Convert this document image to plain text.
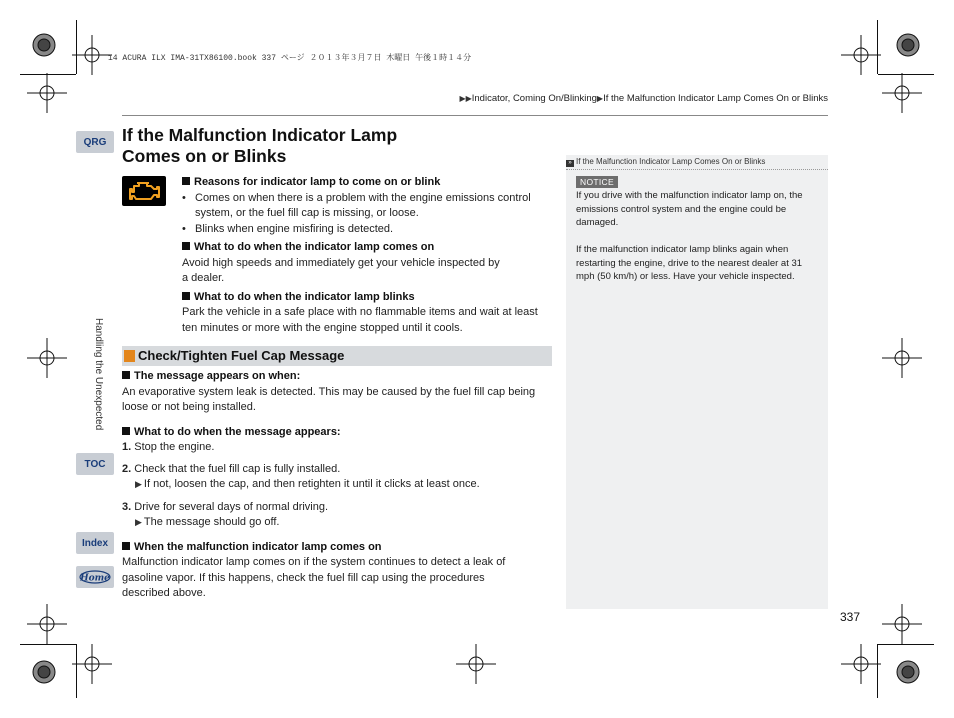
14 ACURA ILX IMA-31TX86100.book 337 ページ ２０１３年３月７日 木曜日 午後１時１４分
▶▶Indicator, Coming On/Blinking▶If the Malfunction Indicator Lamp Comes On or Blinks
If the Malfunction Indicator Lamp
Comes on or Blinks
QRG
Handling the Unexpected
TOC
Index
Home
Reasons for indicator lamp to come on or blink
• Comes on when there is a problem with the engine emissions control system, or the fuel fill cap is missing, or loose.
• Blinks when engine misfiring is detected.
What to do when the indicator lamp comes on
Avoid high speeds and immediately get your vehicle inspected by
a dealer.
What to do when the indicator lamp blinks
Park the vehicle in a safe place with no flammable items and wait at least ten minutes or more with the engine stopped until it cools.
Check/Tighten Fuel Cap Message
The message appears on when:
An evaporative system leak is detected. This may be caused by the fuel fill cap being loose or not being installed.
What to do when the message appears:
1. Stop the engine.
2. Check that the fuel fill cap is fully installed.
▶ If not, loosen the cap, and then retighten it until it clicks at least once.
3. Drive for several days of normal driving.
▶ The message should go off.
When the malfunction indicator lamp comes on
Malfunction indicator lamp comes on if the system continues to detect a leak of
gasoline vapor. If this happens, check the fuel fill cap using the procedures
described above.
» If the Malfunction Indicator Lamp Comes On or Blinks
NOTICE
If you drive with the malfunction indicator lamp on, the emissions control system and the engine could be damaged.
If the malfunction indicator lamp blinks again when restarting the engine, drive to the nearest dealer at 31 mph (50 km/h) or less. Have your vehicle inspected.
337
